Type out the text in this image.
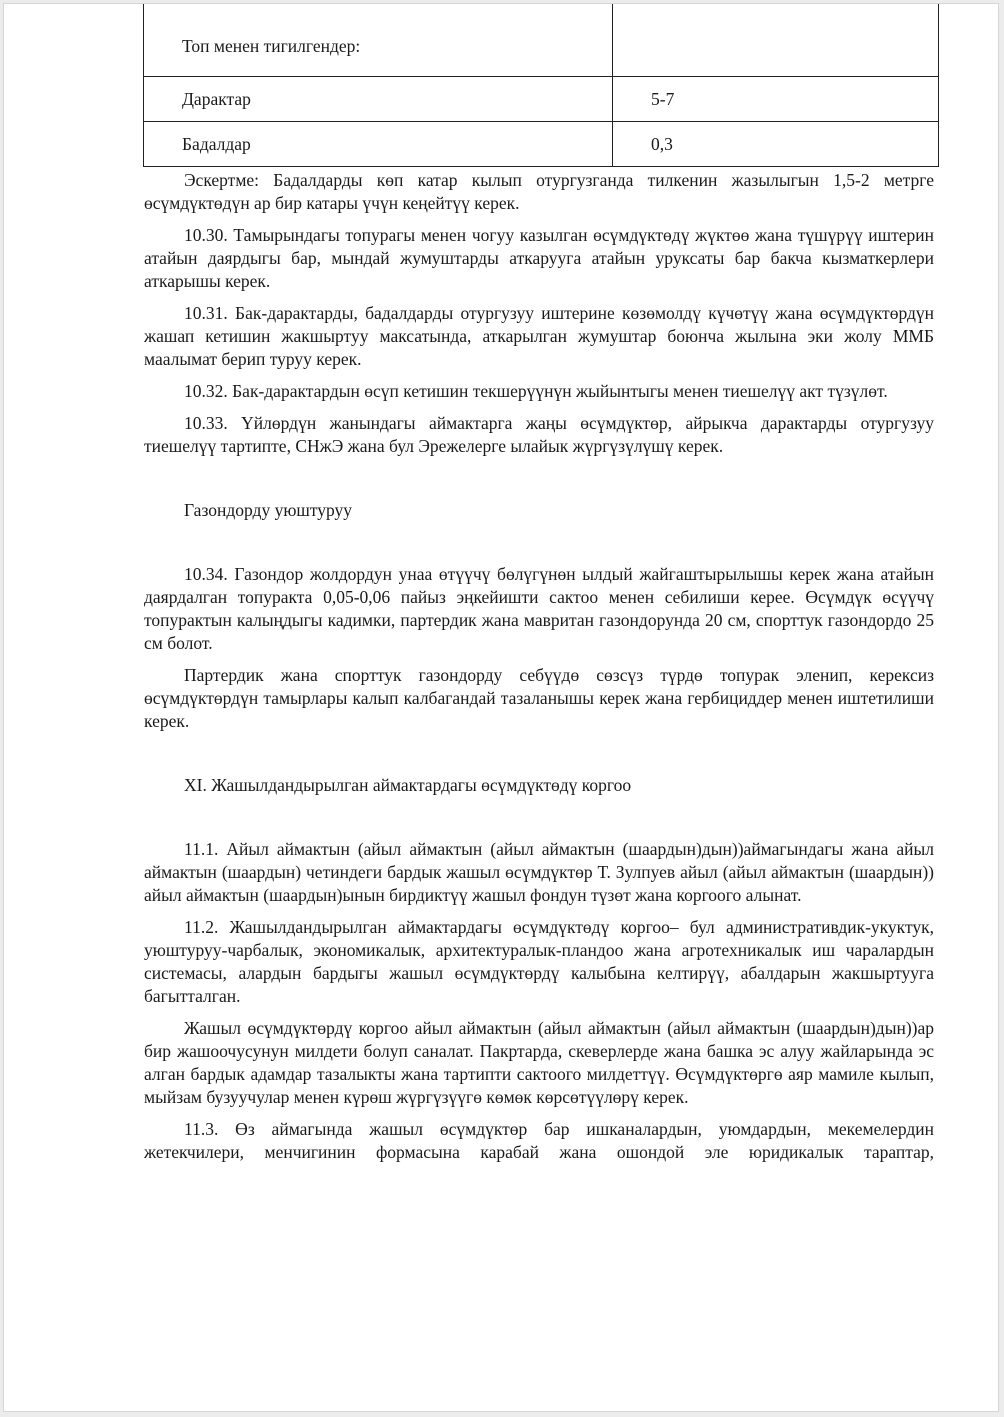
Топ менен тигилгендер:	
Дарактар	5-7
Бадалдар	0,3

Эскертме: Бадалдарды көп катар кылып отургузганда тилкенин жазылыгын 1,5-2 метрге өсүмдүктөдүн ар бир катары үчүн кеңейтүү керек.

10.30. Тамырындагы топурагы менен чогуу казылган өсүмдүктөдү жүктөө жана түшүрүү иштерин атайын даярдыгы бар, мындай жумуштарды аткарууга атайын уруксаты бар бакча кызматкерлери аткарышы керек.

10.31. Бак-дарактарды, бадалдарды отургузуу иштерине көзөмолдү күчөтүү жана өсүмдүктөрдүн жашап кетишин жакшыртуу максатында, аткарылган жумуштар боюнча жылына эки жолу ММБ маалымат берип туруу керек.

10.32. Бак-дарактардын өсүп кетишин текшерүүнүн жыйынтыгы менен тиешелүү акт түзүлөт.

10.33. Үйлөрдүн жанындагы аймактарга жаңы өсүмдүктөр, айрыкча дарактарды отургузуу тиешелүү тартипте, СНжЭ жана бул Эрежелерге ылайык жүргүзүлүшү керек.

Газондорду уюштуруу

10.34. Газондор жолдордун унаа өтүүчү бөлүгүнөн ылдый жайгаштырылышы керек жана атайын даярдалган топуракта 0,05-0,06 пайыз эңкейишти сактоо менен себилиши керее. Өсүмдүк өсүүчү топурактын калыңдыгы кадимки, партердик жана мавритан газондорунда 20 см, спорттук газондордо 25 см болот.

Партердик жана спорттук газондорду себүүдө сөзсүз түрдө топурак эленип, керексиз өсүмдүктөрдүн тамырлары калып калбагандай тазаланышы керек жана гербициддер менен иштетилиши керек.

XI. Жашылдандырылган аймактардагы өсүмдүктөдү коргоо

11.1. Айыл аймактын (айыл аймактын (айыл аймактын (шаардын)дын))аймагындагы жана айыл аймактын (шаардын) четиндеги бардык жашыл өсүмдүктөр Т. Зулпуев айыл (айыл аймактын (шаардын)) айыл аймактын (шаардын)ынын бирдиктүү жашыл фондун түзөт жана коргоого алынат.

11.2. Жашылдандырылган аймактардагы өсүмдүктөдү коргоо– бул административдик-укуктук, уюштуруу-чарбалык, экономикалык, архитектуралык-пландоо жана агротехникалык иш чаралардын системасы, алардын бардыгы жашыл өсүмдүктөрдү калыбына келтирүү, абалдарын жакшыртууга багытталган.

Жашыл өсүмдүктөрдү коргоо айыл аймактын (айыл аймактын (айыл аймактын (шаардын)дын))ар бир жашоочусунун милдети болуп саналат. Пакртарда, скеверлерде жана башка эс алуу жайларында эс алган бардык адамдар тазалыкты жана тартипти сактоого милдеттүү. Өсүмдүктөргө аяр мамиле кылып, мыйзам бузуучулар менен күрөш жүргүзүүгө көмөк көрсөтүүлөрү керек.

11.3. Өз аймагында жашыл өсүмдүктөр бар ишканалардын, уюмдардын, мекемелердин жетекчилери, менчигинин формасына карабай жана ошондой эле юридикалык тараптар,
